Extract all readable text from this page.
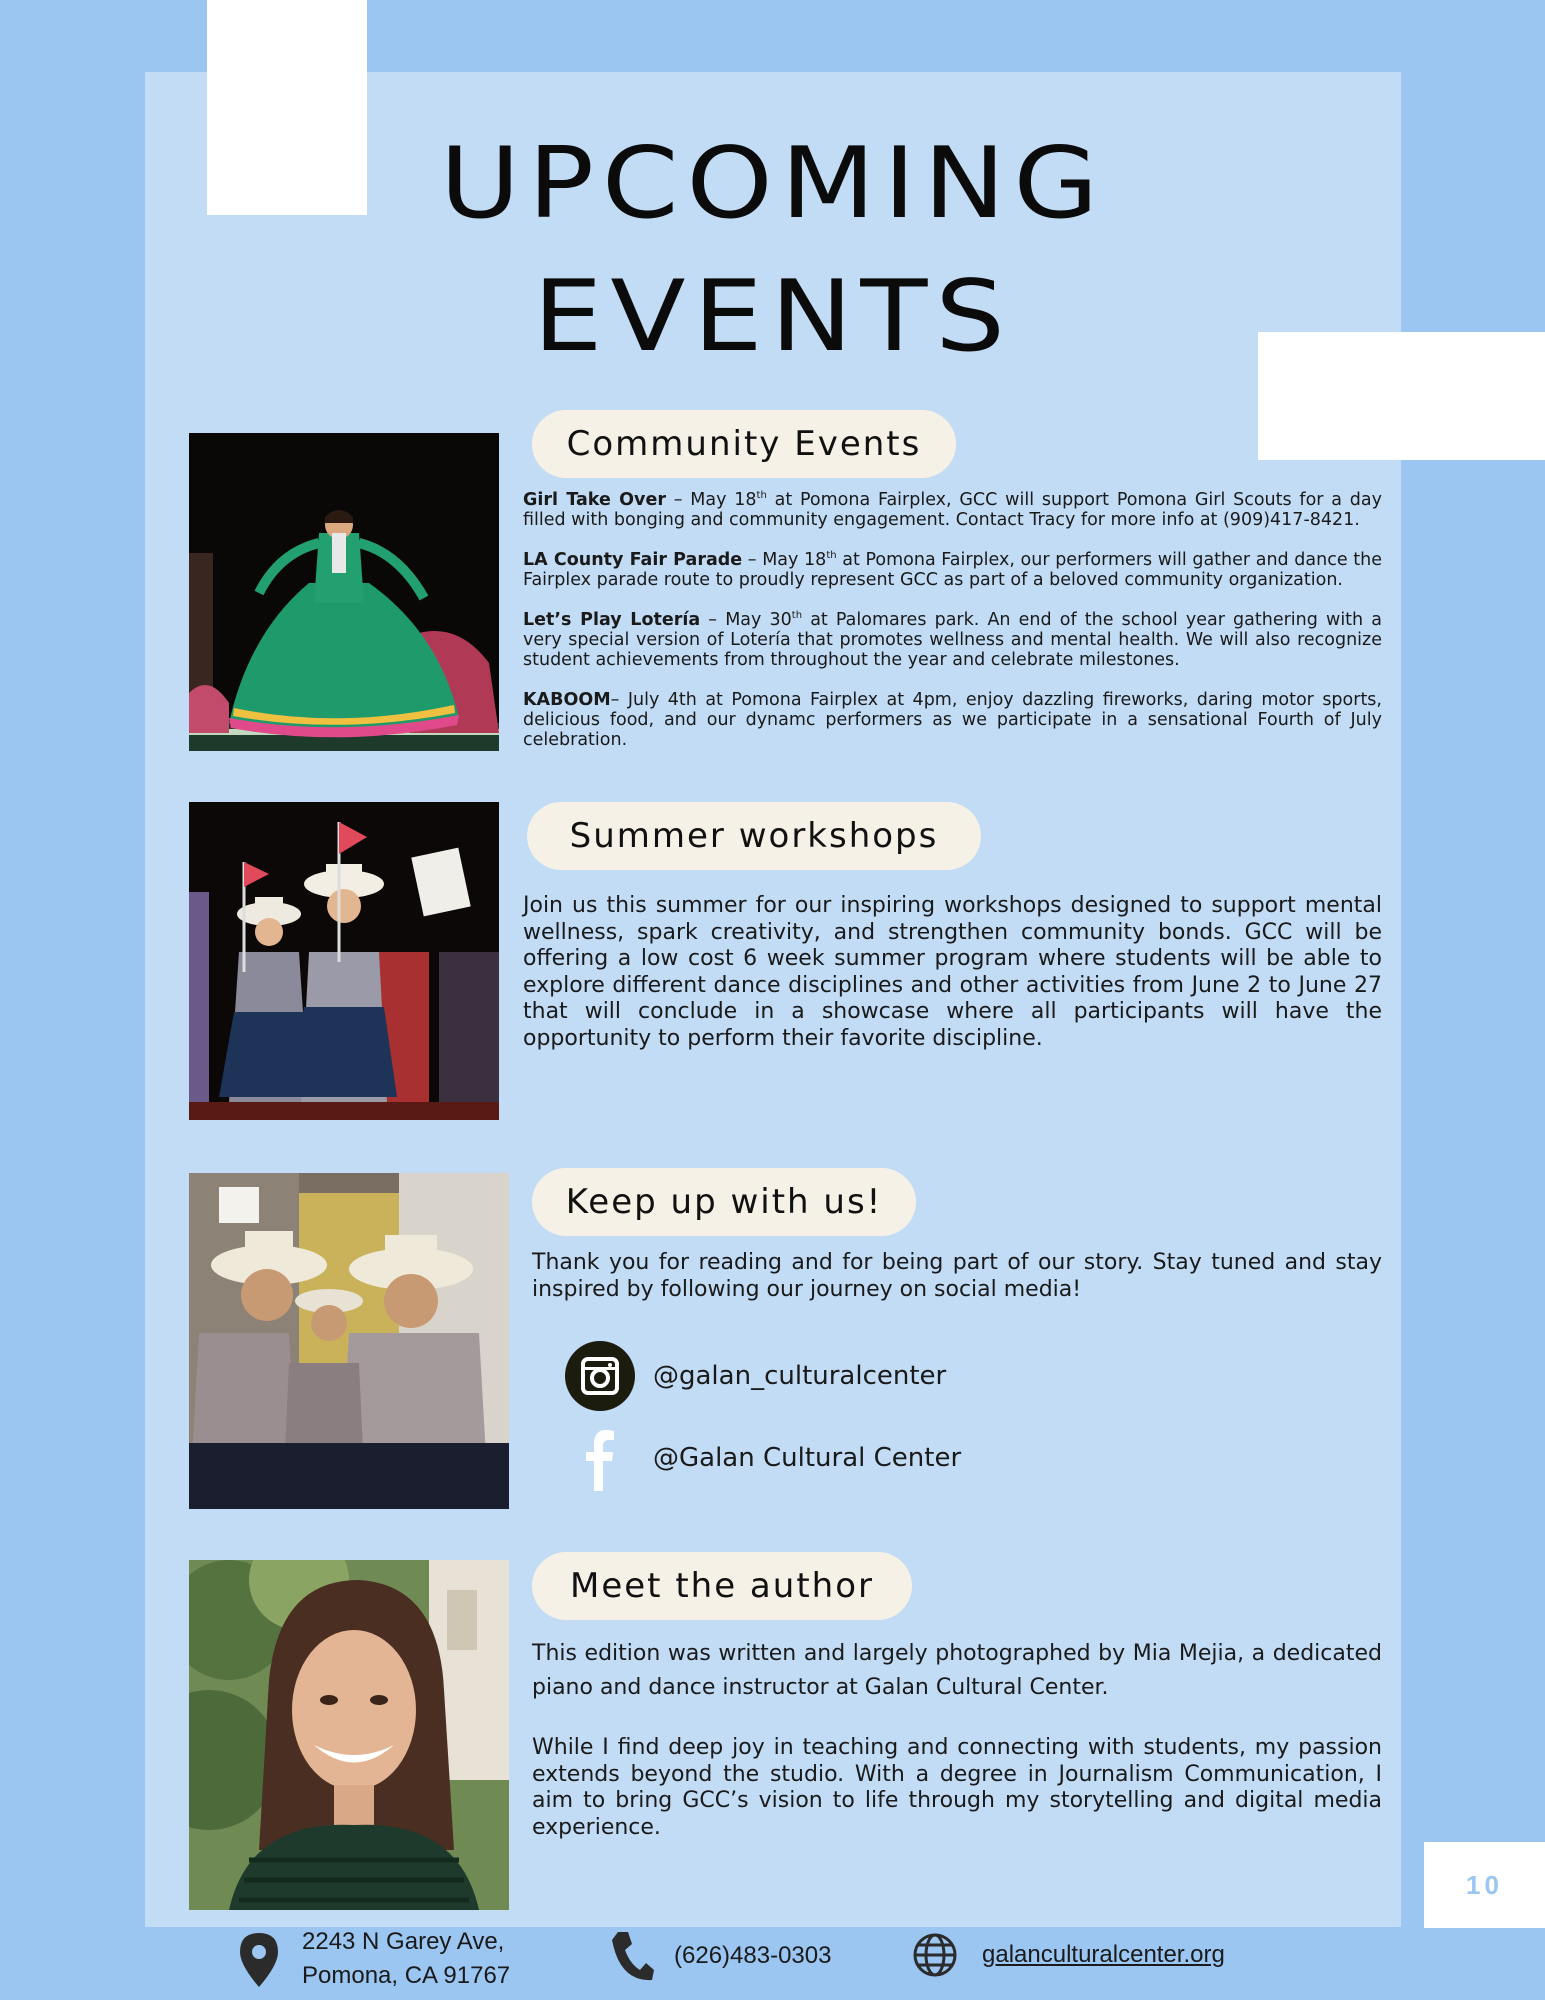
UPCOMING
EVENTS
Community Events

Girl Take Over – May 18th at Pomona Fairplex, GCC will support Pomona Girl Scouts for a day filled with bonging and community engagement. Contact Tracy for more info at (909)417-8421.

LA County Fair Parade – May 18th at Pomona Fairplex, our performers will gather and dance the Fairplex parade route to proudly represent GCC as part of a beloved community organization.

Let’s Play Lotería – May 30th at Palomares park. An end of the school year gathering with a very special version of Lotería that promotes wellness and mental health. We will also recognize student achievements from throughout the year and celebrate milestones.

KABOOM– July 4th at Pomona Fairplex at 4pm, enjoy dazzling fireworks, daring motor sports, delicious food, and our dynamc performers as we participate in a sensational Fourth of July celebration.

Summer workshops

Join us this summer for our inspiring workshops designed to support mental wellness, spark creativity, and strengthen community bonds. GCC will be offering a low cost 6 week summer program where students will be able to explore different dance disciplines and other activities from June 2 to June 27 that will conclude in a showcase where all participants will have the opportunity to perform their favorite discipline.

Keep up with us!

Thank you for reading and for being part of our story. Stay tuned and stay inspired by following our journey on social media!

@galan_culturalcenter
@Galan Cultural Center
Meet the author

This edition was written and largely photographed by Mia Mejia, a dedicated piano and dance instructor at Galan Cultural Center.

While I find deep joy in teaching and connecting with students, my passion extends beyond the studio. With a degree in Journalism Communication, I aim to bring GCC’s vision to life through my storytelling and digital media experience.

10
2243 N Garey Ave,
Pomona, CA 91767
(626)483-0303	galanculturalcenter.org
